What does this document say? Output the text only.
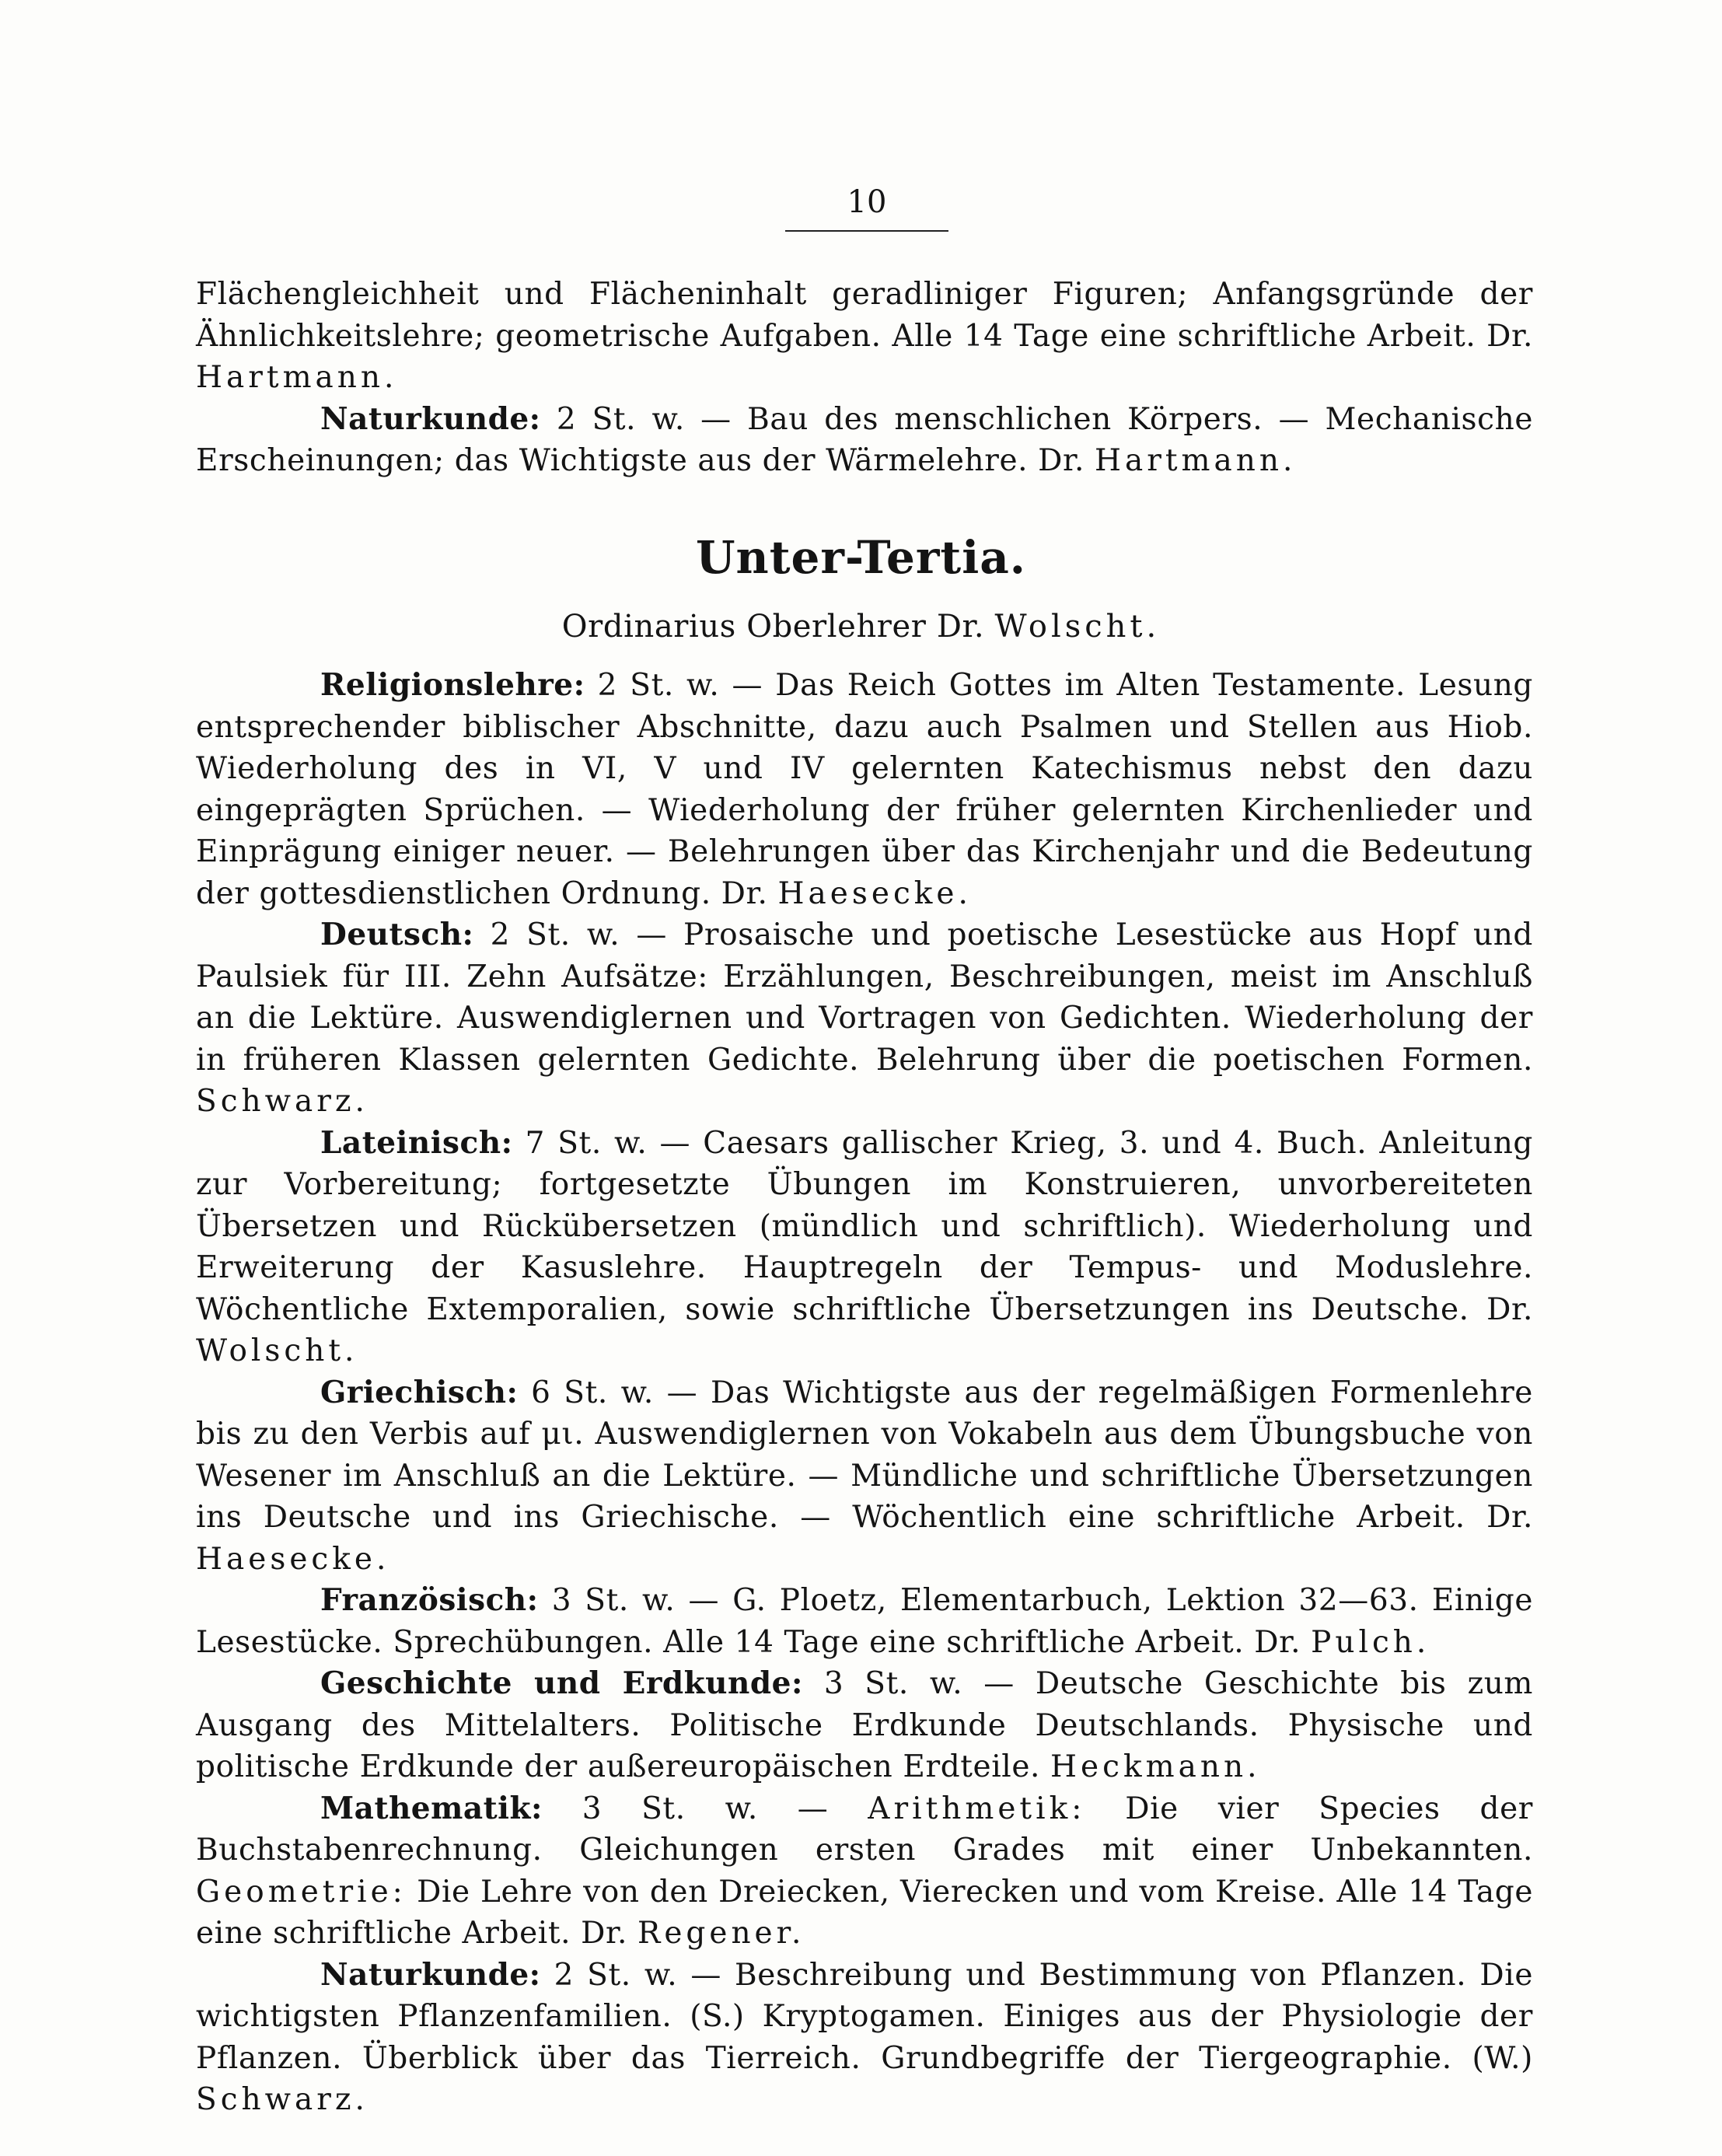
10

Flächengleichheit und Flächeninhalt geradliniger Figuren; Anfangsgründe der Ähnlichkeitslehre; geometrische Aufgaben. Alle 14 Tage eine schriftliche Arbeit. Dr. Hartmann.

Naturkunde: 2 St. w. — Bau des menschlichen Körpers. — Mechanische Erscheinungen; das Wichtigste aus der Wärmelehre. Dr. Hartmann.

Unter-Tertia.
Ordinarius Oberlehrer Dr. Wolscht.

Religionslehre: 2 St. w. — Das Reich Gottes im Alten Testamente. Lesung entsprechender biblischer Abschnitte, dazu auch Psalmen und Stellen aus Hiob. Wiederholung des in VI, V und IV gelernten Katechismus nebst den dazu eingeprägten Sprüchen. — Wiederholung der früher gelernten Kirchenlieder und Einprägung einiger neuer. — Belehrungen über das Kirchenjahr und die Bedeutung der gottesdienstlichen Ordnung. Dr. Haesecke.

Deutsch: 2 St. w. — Prosaische und poetische Lesestücke aus Hopf und Paulsiek für III. Zehn Aufsätze: Erzählungen, Beschreibungen, meist im Anschluß an die Lektüre. Auswendiglernen und Vortragen von Gedichten. Wiederholung der in früheren Klassen gelernten Gedichte. Belehrung über die poetischen Formen. Schwarz.

Lateinisch: 7 St. w. — Caesars gallischer Krieg, 3. und 4. Buch. Anleitung zur Vorbereitung; fortgesetzte Übungen im Konstruieren, unvorbereiteten Übersetzen und Rückübersetzen (mündlich und schriftlich). Wiederholung und Erweiterung der Kasuslehre. Hauptregeln der Tempus- und Moduslehre. Wöchentliche Extemporalien, sowie schriftliche Übersetzungen ins Deutsche. Dr. Wolscht.

Griechisch: 6 St. w. — Das Wichtigste aus der regelmäßigen Formenlehre bis zu den Verbis auf μι. Auswendiglernen von Vokabeln aus dem Übungsbuche von Wesener im Anschluß an die Lektüre. — Mündliche und schriftliche Übersetzungen ins Deutsche und ins Griechische. — Wöchentlich eine schriftliche Arbeit. Dr. Haesecke.

Französisch: 3 St. w. — G. Ploetz, Elementarbuch, Lektion 32—63. Einige Lesestücke. Sprechübungen. Alle 14 Tage eine schriftliche Arbeit. Dr. Pulch.

Geschichte und Erdkunde: 3 St. w. — Deutsche Geschichte bis zum Ausgang des Mittelalters. Politische Erdkunde Deutschlands. Physische und politische Erdkunde der außereuropäischen Erdteile. Heckmann.

Mathematik: 3 St. w. — Arithmetik: Die vier Species der Buchstabenrechnung. Gleichungen ersten Grades mit einer Unbekannten. Geometrie: Die Lehre von den Dreiecken, Vierecken und vom Kreise. Alle 14 Tage eine schriftliche Arbeit. Dr. Regener.

Naturkunde: 2 St. w. — Beschreibung und Bestimmung von Pflanzen. Die wichtigsten Pflanzenfamilien. (S.) Kryptogamen. Einiges aus der Physiologie der Pflanzen. Überblick über das Tierreich. Grundbegriffe der Tiergeographie. (W.) Schwarz.
